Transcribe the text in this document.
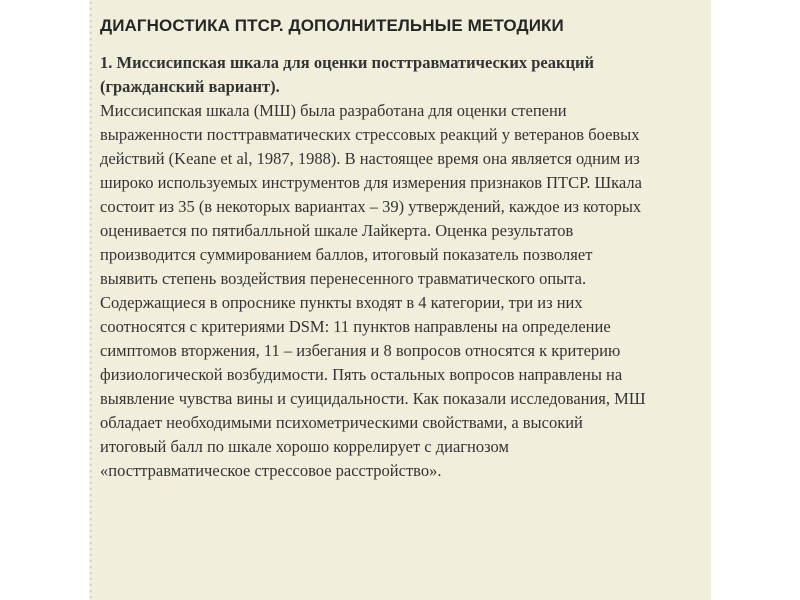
ДИАГНОСТИКА ПТСР. ДОПОЛНИТЕЛЬНЫЕ МЕТОДИКИ

1. Миссисипская шкала для оценки посттравматических реакций
(гражданский вариант).

Миссисипская шкала (МШ) была разработана для оценки степени
выраженности посттравматических стрессовых реакций у ветеранов боевых
действий (Keane et al, 1987, 1988). В настоящее время она является одним из
широко используемых инструментов для измерения признаков ПТСР. Шкала
состоит из 35 (в некоторых вариантах – 39) утверждений, каждое из которых
оценивается по пятибалльной шкале Лайкерта. Оценка результатов
производится суммированием баллов, итоговый показатель позволяет
выявить степень воздействия перенесенного травматического опыта.
Содержащиеся в опроснике пункты входят в 4 категории, три из них
соотносятся с критериями DSM: 11 пунктов направлены на определение
симптомов вторжения, 11 – избегания и 8 вопросов относятся к критерию
физиологической возбудимости. Пять остальных вопросов направлены на
выявление чувства вины и суицидальности. Как показали исследования, МШ
обладает необходимыми психометрическими свойствами, а высокий
итоговый балл по шкале хорошо коррелирует с диагнозом
«посттравматическое стрессовое расстройство».
